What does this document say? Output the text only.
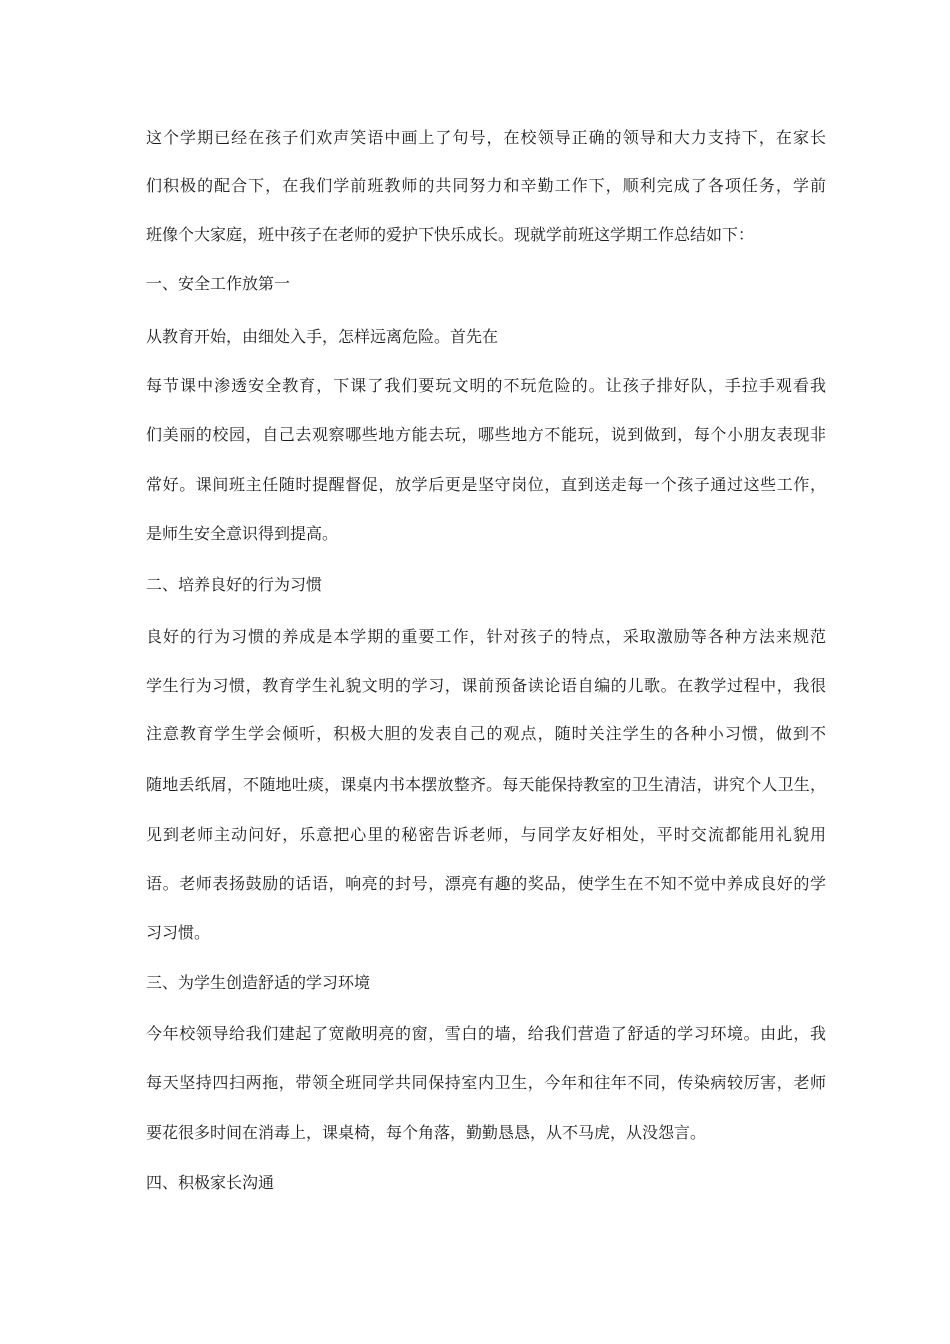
这个学期已经在孩子们欢声笑语中画上了句号，在校领导正确的领导和大力支持下，在家长
们积极的配合下，在我们学前班教师的共同努力和辛勤工作下，顺利完成了各项任务，学前
班像个大家庭，班中孩子在老师的爱护下快乐成长。现就学前班这学期工作总结如下：
一、安全工作放第一
从教育开始，由细处入手，怎样远离危险。首先在
每节课中渗透安全教育，下课了我们要玩文明的不玩危险的。让孩子排好队，手拉手观看我
们美丽的校园，自己去观察哪些地方能去玩，哪些地方不能玩，说到做到，每个小朋友表现非
常好。课间班主任随时提醒督促，放学后更是坚守岗位，直到送走每一个孩子通过这些工作，
是师生安全意识得到提高。
二、培养良好的行为习惯
良好的行为习惯的养成是本学期的重要工作，针对孩子的特点，采取激励等各种方法来规范
学生行为习惯，教育学生礼貌文明的学习，课前预备读论语自编的儿歌。在教学过程中，我很
注意教育学生学会倾听，积极大胆的发表自己的观点，随时关注学生的各种小习惯，做到不
随地丢纸屑，不随地吐痰，课桌内书本摆放整齐。每天能保持教室的卫生清洁，讲究个人卫生，
见到老师主动问好，乐意把心里的秘密告诉老师，与同学友好相处，平时交流都能用礼貌用
语。老师表扬鼓励的话语，响亮的封号，漂亮有趣的奖品，使学生在不知不觉中养成良好的学
习习惯。
三、为学生创造舒适的学习环境
今年校领导给我们建起了宽敞明亮的窗，雪白的墙，给我们营造了舒适的学习环境。由此，我
每天坚持四扫两拖，带领全班同学共同保持室内卫生，今年和往年不同，传染病较厉害，老师
要花很多时间在消毒上，课桌椅，每个角落，勤勤恳恳，从不马虎，从没怨言。
四、积极家长沟通
